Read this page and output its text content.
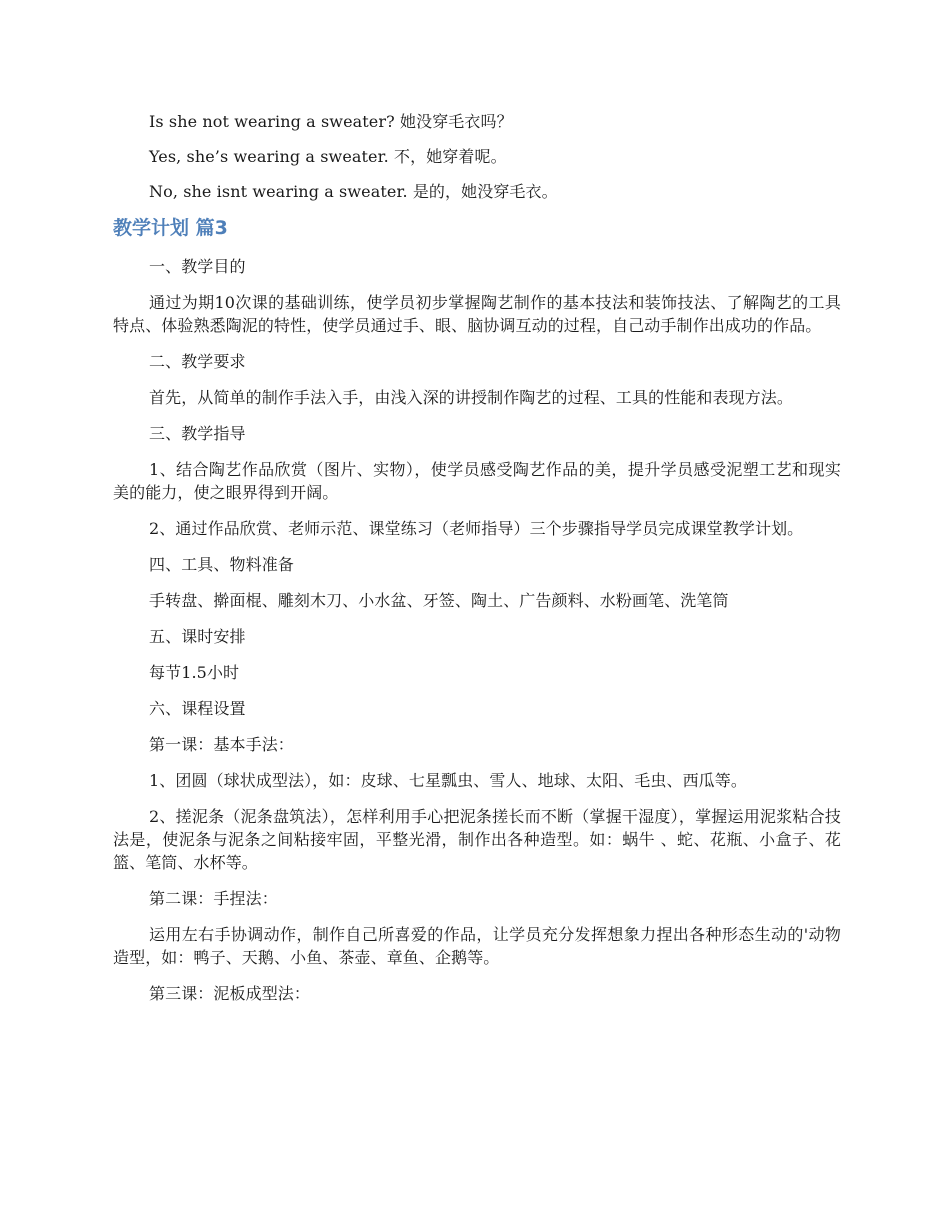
Is she not wearing a sweater? 她没穿毛衣吗？

Yes, she’s wearing a sweater. 不，她穿着呢。

No, she isnt wearing a sweater. 是的，她没穿毛衣。

教学计划 篇3

一、教学目的

通过为期10次课的基础训练，使学员初步掌握陶艺制作的基本技法和装饰技法、了解陶艺的工具特点、体验熟悉陶泥的特性，使学员通过手、眼、脑协调互动的过程，自己动手制作出成功的作品。

二、教学要求

首先，从简单的制作手法入手，由浅入深的讲授制作陶艺的过程、工具的性能和表现方法。

三、教学指导

1、结合陶艺作品欣赏（图片、实物），使学员感受陶艺作品的美，提升学员感受泥塑工艺和现实美的能力，使之眼界得到开阔。

2、通过作品欣赏、老师示范、课堂练习（老师指导）三个步骤指导学员完成课堂教学计划。

四、工具、物料准备

手转盘、擀面棍、雕刻木刀、小水盆、牙签、陶土、广告颜料、水粉画笔、洗笔筒

五、课时安排

每节1.5小时

六、课程设置

第一课：基本手法：

1、团圆（球状成型法），如：皮球、七星瓢虫、雪人、地球、太阳、毛虫、西瓜等。

2、搓泥条（泥条盘筑法），怎样利用手心把泥条搓长而不断（掌握干湿度），掌握运用泥浆粘合技法是，使泥条与泥条之间粘接牢固，平整光滑，制作出各种造型。如：蜗牛 、蛇、花瓶、小盒子、花篮、笔筒、水杯等。

第二课：手捏法：

运用左右手协调动作，制作自己所喜爱的作品，让学员充分发挥想象力捏出各种形态生动的'动物造型，如：鸭子、天鹅、小鱼、茶壶、章鱼、企鹅等。

第三课：泥板成型法：
